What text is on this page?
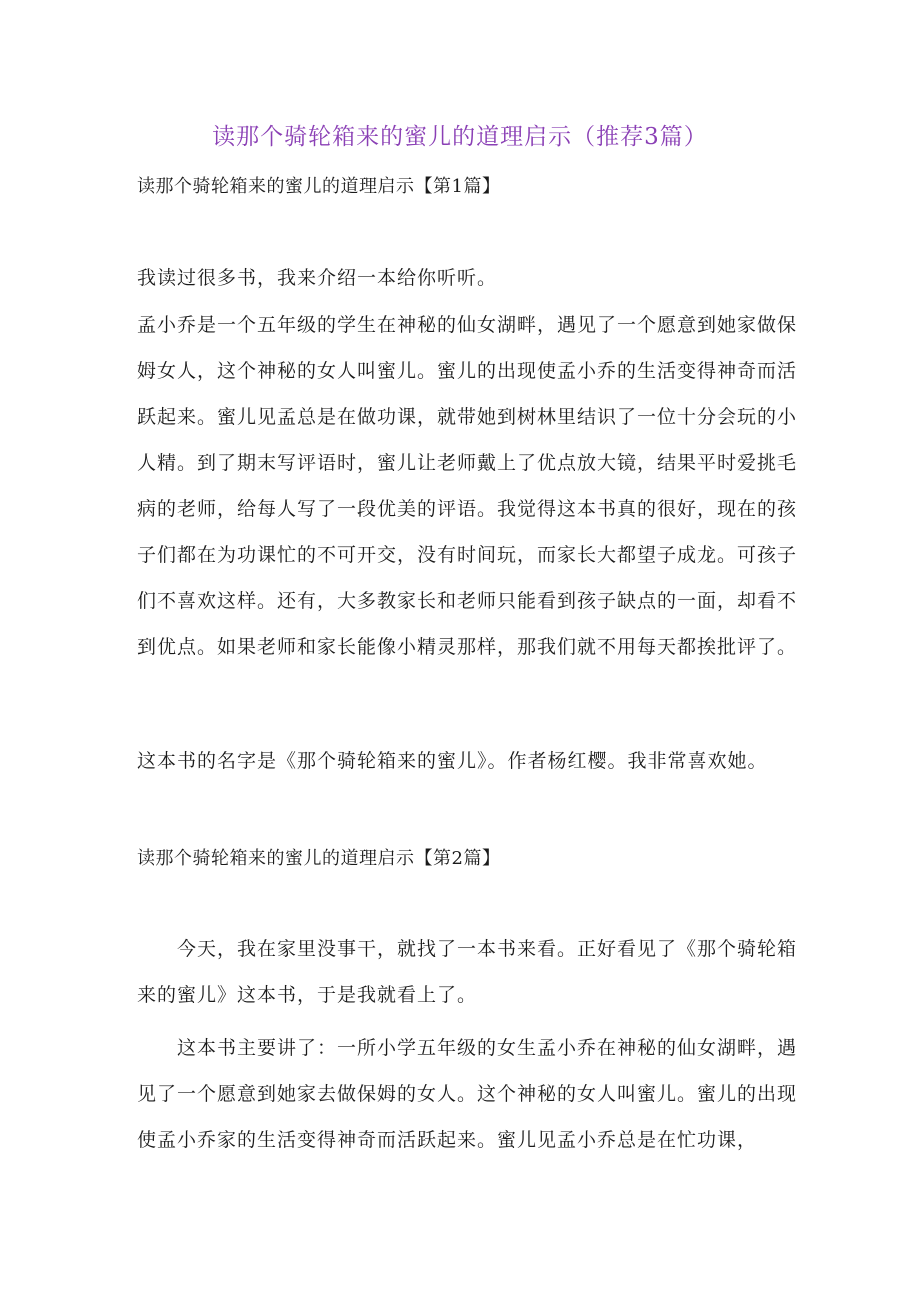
读那个骑轮箱来的蜜儿的道理启示（推荐3篇）
读那个骑轮箱来的蜜儿的道理启示【第1篇】

我读过很多书，我来介绍一本给你听听。

孟小乔是一个五年级的学生在神秘的仙女湖畔，遇见了一个愿意到她家做保姆女人，这个神秘的女人叫蜜儿。蜜儿的出现使孟小乔的生活变得神奇而活跃起来。蜜儿见孟总是在做功课，就带她到树林里结识了一位十分会玩的小人精。到了期末写评语时，蜜儿让老师戴上了优点放大镜，结果平时爱挑毛病的老师，给每人写了一段优美的评语。我觉得这本书真的很好，现在的孩子们都在为功课忙的不可开交，没有时间玩，而家长大都望子成龙。可孩子们不喜欢这样。还有，大多教家长和老师只能看到孩子缺点的一面，却看不到优点。如果老师和家长能像小精灵那样，那我们就不用每天都挨批评了。

这本书的名字是《那个骑轮箱来的蜜儿》。作者杨红樱。我非常喜欢她。

读那个骑轮箱来的蜜儿的道理启示【第2篇】

今天，我在家里没事干，就找了一本书来看。正好看见了《那个骑轮箱来的蜜儿》这本书，于是我就看上了。

这本书主要讲了：一所小学五年级的女生孟小乔在神秘的仙女湖畔，遇见了一个愿意到她家去做保姆的女人。这个神秘的女人叫蜜儿。蜜儿的出现使孟小乔家的生活变得神奇而活跃起来。蜜儿见孟小乔总是在忙功课，
